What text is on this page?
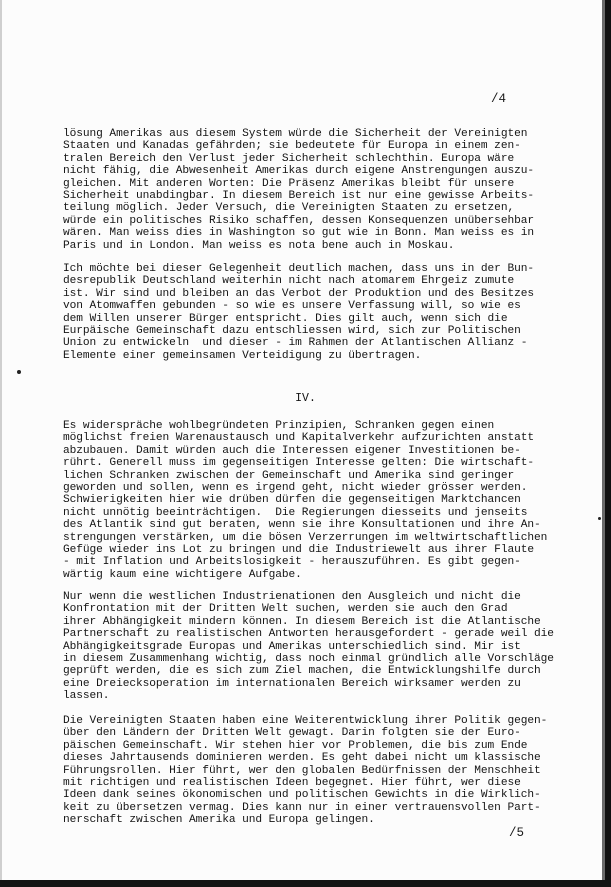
/4

lösung Amerikas aus diesem System würde die Sicherheit der Vereinigten
Staaten und Kanadas gefährden; sie bedeutete für Europa in einem zen-
tralen Bereich den Verlust jeder Sicherheit schlechthin. Europa wäre
nicht fähig, die Abwesenheit Amerikas durch eigene Anstrengungen auszu-
gleichen. Mit anderen Worten: Die Präsenz Amerikas bleibt für unsere
Sicherheit unabdingbar. In diesem Bereich ist nur eine gewisse Arbeits-
teilung möglich. Jeder Versuch, die Vereinigten Staaten zu ersetzen,
würde ein politisches Risiko schaffen, dessen Konsequenzen unübersehbar
wären. Man weiss dies in Washington so gut wie in Bonn. Man weiss es in
Paris und in London. Man weiss es nota bene auch in Moskau.

Ich möchte bei dieser Gelegenheit deutlich machen, dass uns in der Bun-
desrepublik Deutschland weiterhin nicht nach atomarem Ehrgeiz zumute
ist. Wir sind und bleiben an das Verbot der Produktion und des Besitzes
von Atomwaffen gebunden - so wie es unsere Verfassung will, so wie es
dem Willen unserer Bürger entspricht. Dies gilt auch, wenn sich die
Eurpäische Gemeinschaft dazu entschliessen wird, sich zur Politischen
Union zu entwickeln  und dieser - im Rahmen der Atlantischen Allianz -
Elemente einer gemeinsamen Verteidigung zu übertragen.

IV.

Es widerspräche wohlbegründeten Prinzipien, Schranken gegen einen
möglichst freien Warenaustausch und Kapitalverkehr aufzurichten anstatt
abzubauen. Damit würden auch die Interessen eigener Investitionen be-
rührt. Generell muss im gegenseitigen Interesse gelten: Die wirtschaft-
lichen Schranken zwischen der Gemeinschaft und Amerika sind geringer
geworden und sollen, wenn es irgend geht, nicht wieder grösser werden.
Schwierigkeiten hier wie drüben dürfen die gegenseitigen Marktchancen
nicht unnötig beeinträchtigen.  Die Regierungen diesseits und jenseits
des Atlantik sind gut beraten, wenn sie ihre Konsultationen und ihre An-
strengungen verstärken, um die bösen Verzerrungen im weltwirtschaftlichen
Gefüge wieder ins Lot zu bringen und die Industriewelt aus ihrer Flaute
- mit Inflation und Arbeitslosigkeit - herauszuführen. Es gibt gegen-
wärtig kaum eine wichtigere Aufgabe.

Nur wenn die westlichen Industrienationen den Ausgleich und nicht die
Konfrontation mit der Dritten Welt suchen, werden sie auch den Grad
ihrer Abhängigkeit mindern können. In diesem Bereich ist die Atlantische
Partnerschaft zu realistischen Antworten herausgefordert - gerade weil die
Abhängigkeitsgrade Europas und Amerikas unterschiedlich sind. Mir ist
in diesem Zusammenhang wichtig, dass noch einmal gründlich alle Vorschläge
geprüft werden, die es sich zum Ziel machen, die Entwicklungshilfe durch
eine Dreiecksoperation im internationalen Bereich wirksamer werden zu
lassen.

Die Vereinigten Staaten haben eine Weiterentwicklung ihrer Politik gegen-
über den Ländern der Dritten Welt gewagt. Darin folgten sie der Euro-
päischen Gemeinschaft. Wir stehen hier vor Problemen, die bis zum Ende
dieses Jahrtausends dominieren werden. Es geht dabei nicht um klassische
Führungsrollen. Hier führt, wer den globalen Bedürfnissen der Menschheit
mit richtigen und realistischen Ideen begegnet. Hier führt, wer diese
Ideen dank seines ökonomischen und politischen Gewichts in die Wirklich-
keit zu übersetzen vermag. Dies kann nur in einer vertrauensvollen Part-
nerschaft zwischen Amerika und Europa gelingen.

/5
